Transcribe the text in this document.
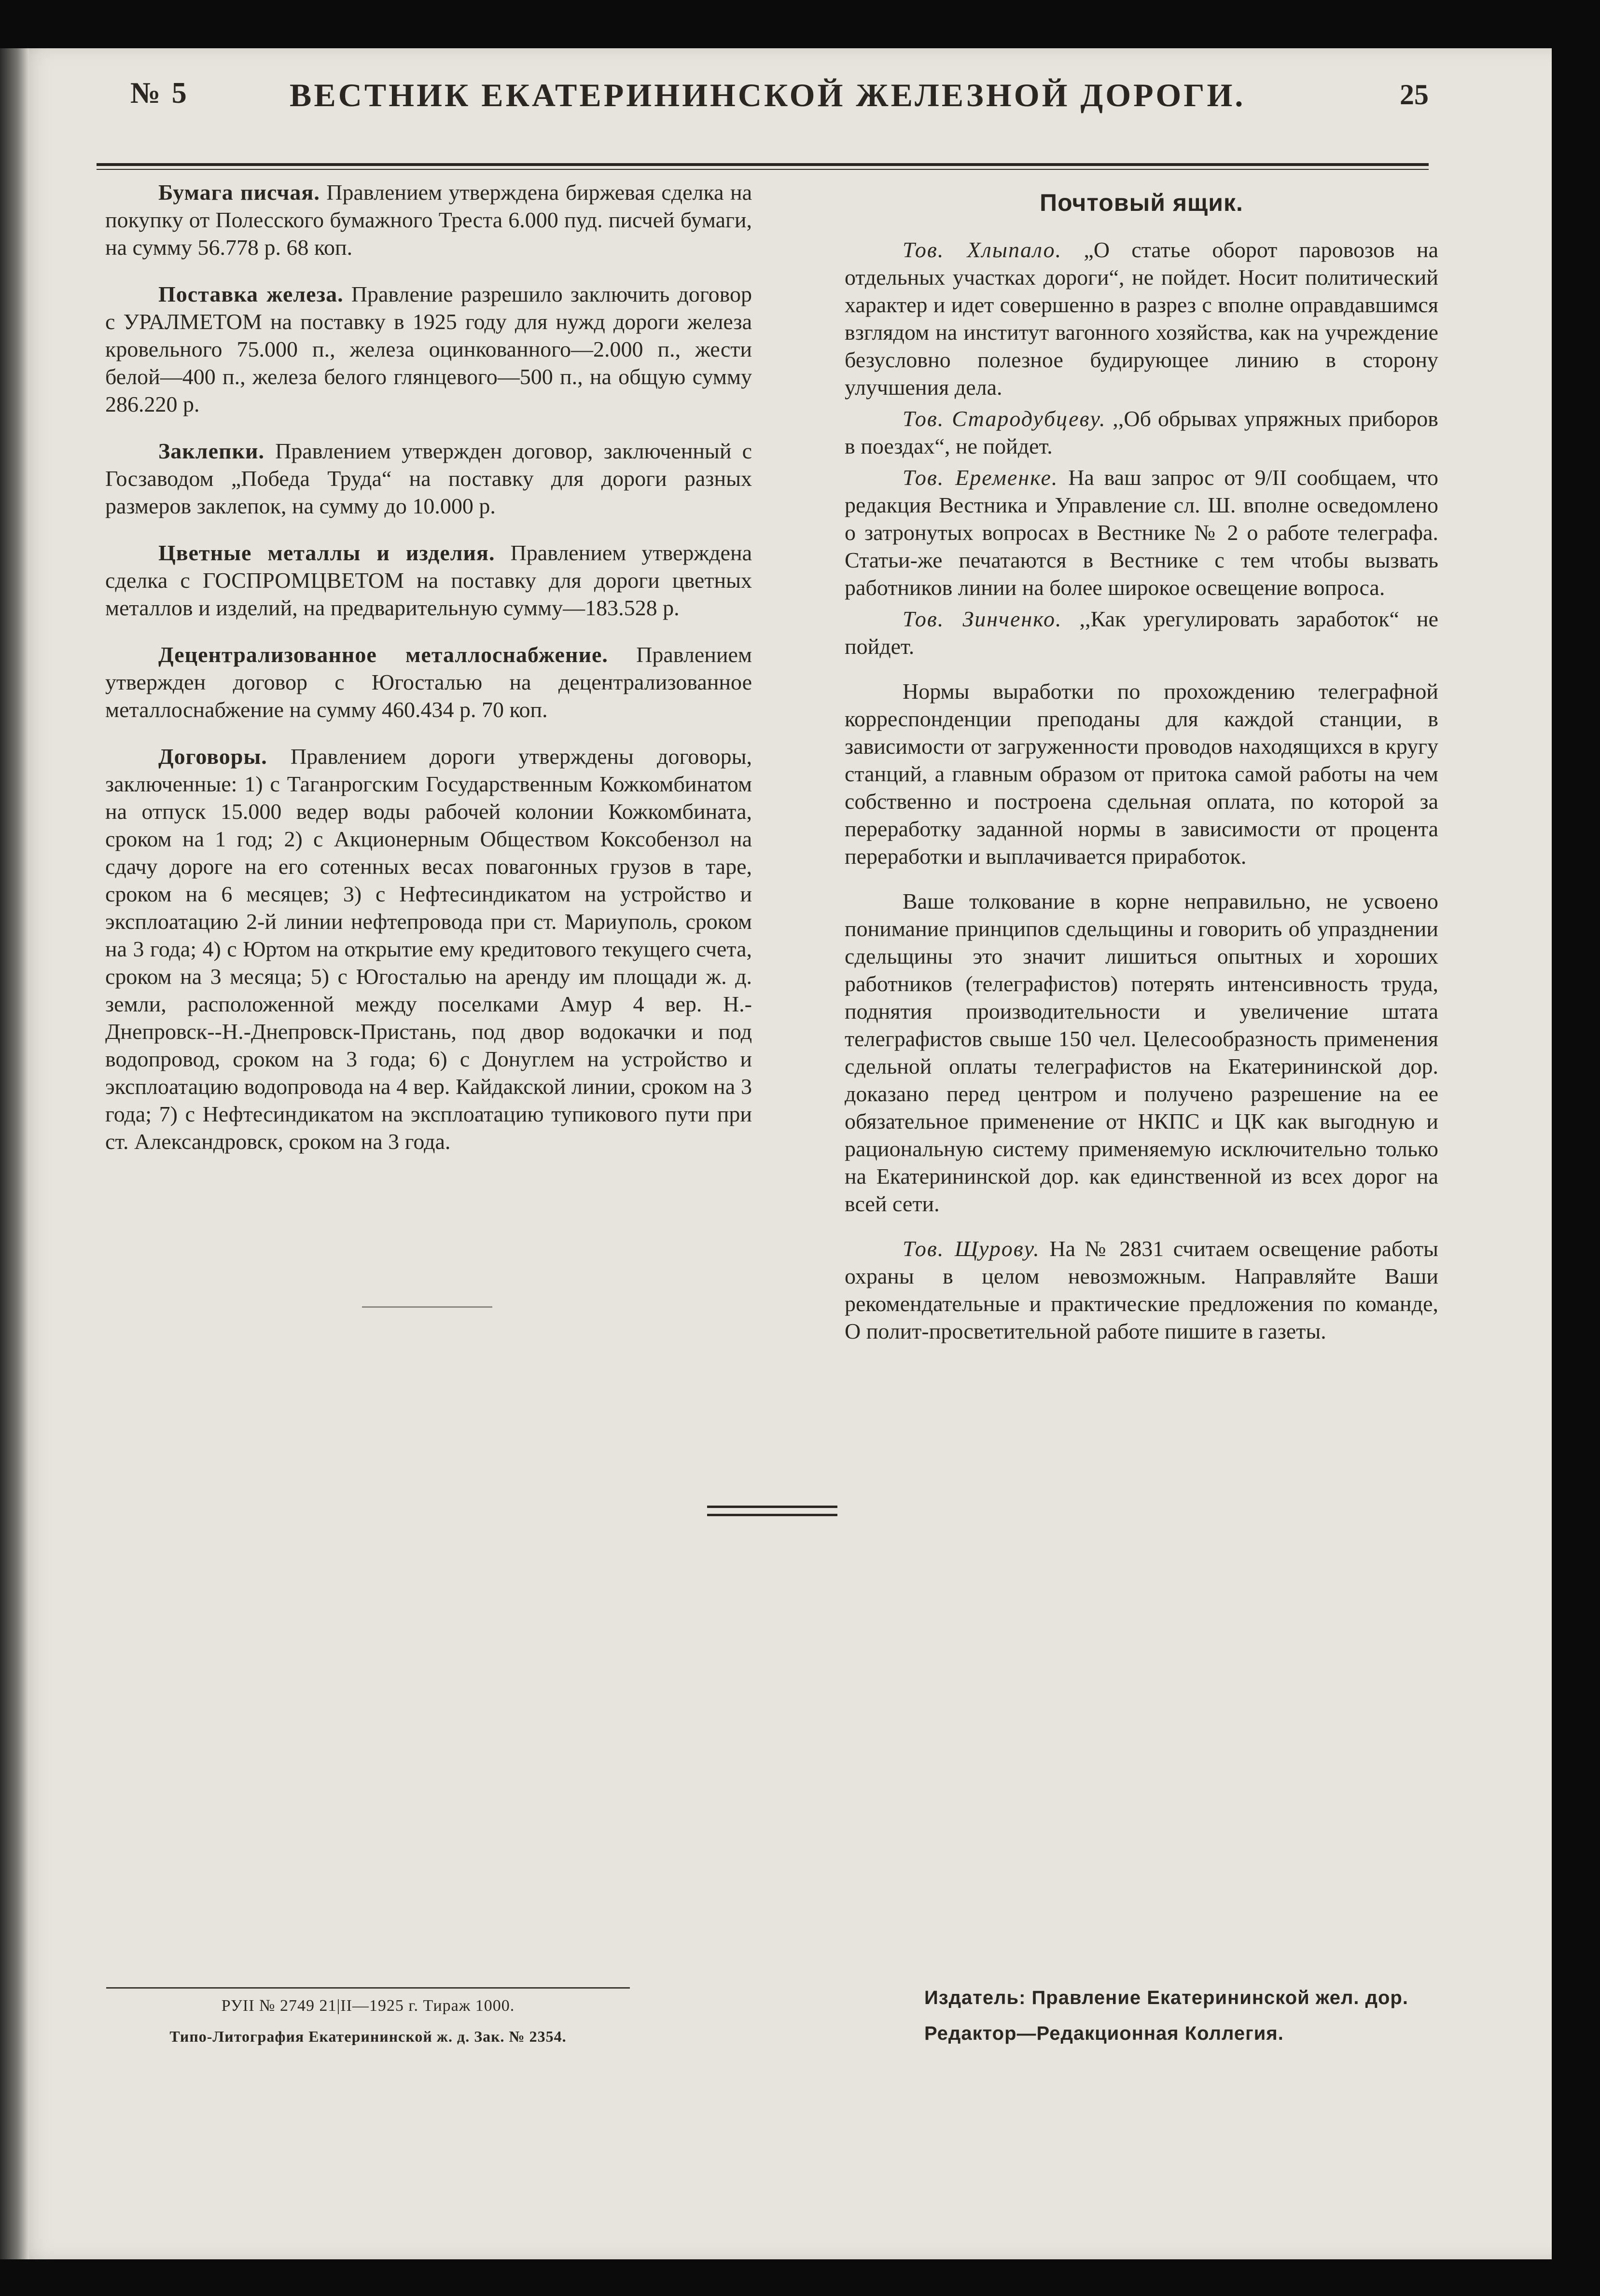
№ 5	ВЕСТНИК ЕКАТЕРИНИНСКОЙ ЖЕЛЕЗНОЙ ДОРОГИ.	25

Бумага писчая. Правлением утверждена биржевая сделка на покупку от Полесского бумажного Треста 6.000 пуд. писчей бумаги, на сумму 56.778 р. 68 коп.

Поставка железа. Правление разрешило заключить договор с УРАЛМЕТОМ на поставку в 1925 году для нужд дороги железа кровельного 75.000 п., железа оцинкованного—2.000 п., жести белой—400 п., железа белого глянцевого—500 п., на общую сумму 286.220 р.

Заклепки. Правлением утвержден договор, заключенный с Госзаводом „Победа Труда“ на поставку для дороги разных размеров заклепок, на сумму до 10.000 р.

Цветные металлы и изделия. Правлением утверждена сделка с ГОСПРОМЦВЕТОМ на поставку для дороги цветных металлов и изделий, на предварительную сумму—183.528 р.

Децентрализованное металлоснабжение. Правлением утвержден договор с Югосталью на децентрализованное металлоснабжение на сумму 460.434 р. 70 коп.

Договоры. Правлением дороги утверждены договоры, заключенные: 1) с Таганрогским Государственным Кожкомбинатом на отпуск 15.000 ведер воды рабочей колонии Кожкомбината, сроком на 1 год; 2) с Акционерным Обществом Коксобензол на сдачу дороге на его сотенных весах повагонных грузов в таре, сроком на 6 месяцев; 3) с Нефтесиндикатом на устройство и эксплоатацию 2-й линии нефтепровода при ст. Мариуполь, сроком на 3 года; 4) с Юртом на открытие ему кредитового текущего счета, сроком на 3 месяца; 5) с Югосталью на аренду им площади ж. д. земли, расположенной между поселками Амур 4 вер. Н.-Днепровск--Н.-Днепровск-Пристань, под двор водокачки и под водопровод, сроком на 3 года; 6) с Донуглем на устройство и эксплоатацию водопровода на 4 вер. Кайдакской линии, сроком на 3 года; 7) с Нефтесиндикатом на эксплоатацию тупикового пути при ст. Александровск, сроком на 3 года.

Почтовый ящик.

Тов. Хлыпало. „О статье оборот паровозов на отдельных участках дороги“, не пойдет. Носит политический характер и идет совершенно в разрез с вполне оправдавшимся взглядом на институт вагонного хозяйства, как на учреждение безусловно полезное будирующее линию в сторону улучшения дела.

Тов. Стародубцеву. ,,Об обрывах упряжных приборов в поездах“, не пойдет.

Тов. Еременке. На ваш запрос от 9/II сообщаем, что редакция Вестника и Управление сл. Ш. вполне осведомлено о затронутых вопросах в Вестнике № 2 о работе телеграфа. Статьи-же печатаются в Вестнике с тем чтобы вызвать работников линии на более широкое освещение вопроса.

Тов. Зинченко. ,,Как урегулировать заработок“ не пойдет.

Нормы выработки по прохождению телеграфной корреспонденции преподаны для каждой станции, в зависимости от загруженности проводов находящихся в кругу станций, а главным образом от притока самой работы на чем собственно и построена сдельная оплата, по которой за переработку заданной нормы в зависимости от процента переработки и выплачивается приработок.

Ваше толкование в корне неправильно, не усвоено понимание принципов сдельщины и говорить об упразднении сдельщины это значит лишиться опытных и хороших работников (телеграфистов) потерять интенсивность труда, поднятия производительности и увеличение штата телеграфистов свыше 150 чел. Целесообразность применения сдельной оплаты телеграфистов на Екатерининской дор. доказано перед центром и получено разрешение на ее обязательное применение от НКПС и ЦК как выгодную и рациональную систему применяемую исключительно только на Екатерининской дор. как единственной из всех дорог на всей сети.

Тов. Щурову. На № 2831 считаем освещение работы охраны в целом невозможным. Направляйте Ваши рекомендательные и практические предложения по команде, О полит-просветительной работе пишите в газеты.

РУII № 2749 21|II—1925 г. Тираж 1000.
Типо-Литография Екатерининской ж. д. Зак. № 2354.
Издатель: Правление Екатерининской жел. дор.
Редактор—Редакционная Коллегия.
